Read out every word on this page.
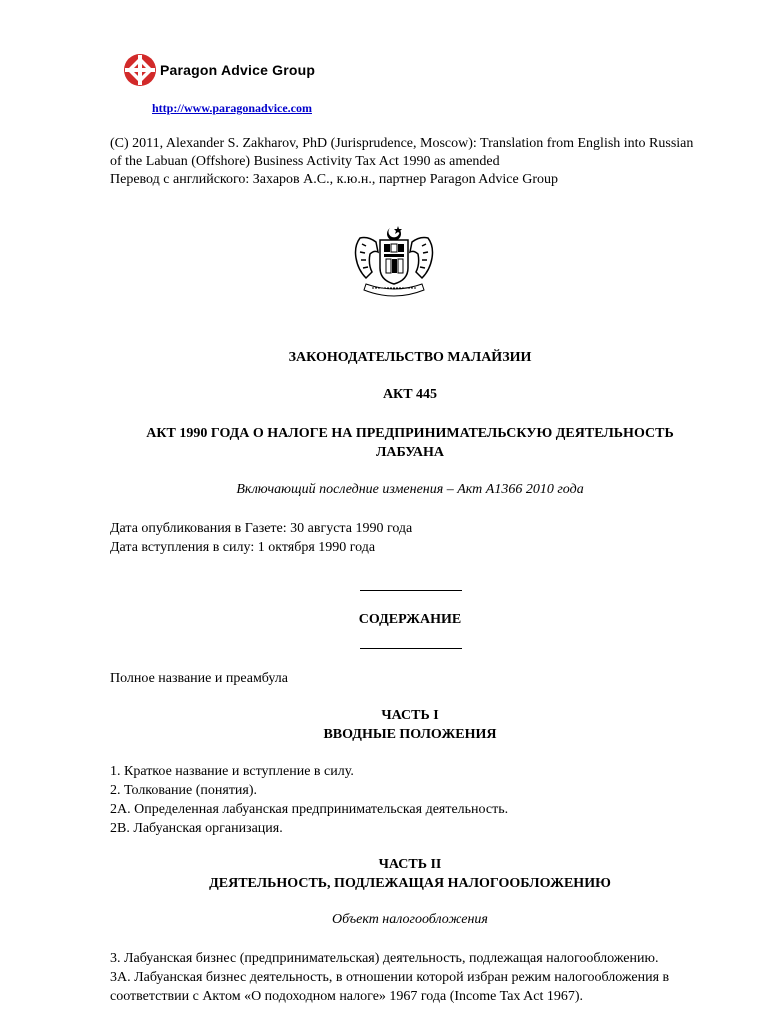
Paragon Advice Group
http://www.paragonadvice.com
(C) 2011, Alexander S. Zakharov, PhD (Jurisprudence, Moscow): Translation from English into Russian
of the Labuan (Offshore) Business Activity Tax Act 1990 as amended
Перевод с английского: Захаров А.С., к.ю.н., партнер Paragon Advice Group
ЗАКОНОДАТЕЛЬСТВО МАЛАЙЗИИ
АКТ 445
АКТ 1990 ГОДА О НАЛОГЕ НА ПРЕДПРИНИМАТЕЛЬСКУЮ ДЕЯТЕЛЬНОСТЬ
ЛАБУАНА
Включающий последние изменения – Акт A1366 2010 года
Дата опубликования в Газете: 30 августа 1990 года
Дата вступления в силу: 1 октября 1990 года
СОДЕРЖАНИЕ
Полное название и преамбула
ЧАСТЬ I
ВВОДНЫЕ ПОЛОЖЕНИЯ
1. Краткое название и вступление в силу.
2. Толкование (понятия).
2A. Определенная лабуанская предпринимательская деятельность.
2B. Лабуанская организация.
ЧАСТЬ II
ДЕЯТЕЛЬНОСТЬ, ПОДЛЕЖАЩАЯ НАЛОГООБЛОЖЕНИЮ
Объект налогообложения
3. Лабуанская бизнес (предпринимательская) деятельность, подлежащая налогообложению.
3A. Лабуанская бизнес деятельность, в отношении которой избран режим налогообложения в
соответствии с Актом «О подоходном налоге» 1967 года (Income Tax Act 1967).
